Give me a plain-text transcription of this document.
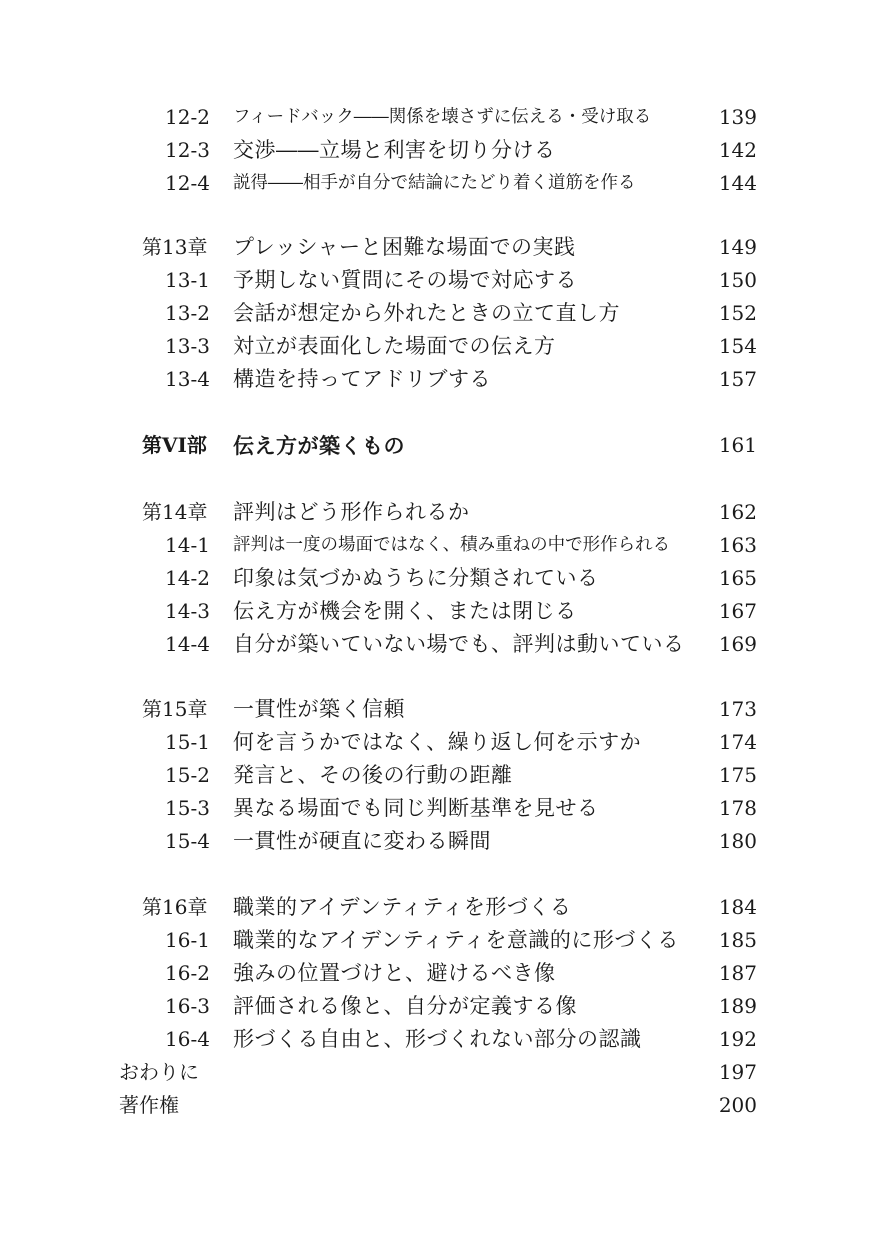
12-2 フィードバック――関係を壊さずに伝える・受け取る	139
12-3 交渉――立場と利害を切り分ける	142
12-4 説得――相手が自分で結論にたどり着く道筋を作る	144
第13章 プレッシャーと困難な場面での実践	149
13-1 予期しない質問にその場で対応する	150
13-2 会話が想定から外れたときの立て直し方	152
13-3 対立が表面化した場面での伝え方	154
13-4 構造を持ってアドリブする	157
第VI部 伝え方が築くもの	161
第14章 評判はどう形作られるか	162
14-1 評判は一度の場面ではなく、積み重ねの中で形作られる 163
14-2 印象は気づかぬうちに分類されている	165
14-3 伝え方が機会を開く、または閉じる	167
14-4 自分が築いていない場でも、評判は動いている 169
第15章 一貫性が築く信頼	173
15-1 何を言うかではなく、繰り返し何を示すか	174
15-2 発言と、その後の行動の距離	175
15-3 異なる場面でも同じ判断基準を見せる	178
15-4 一貫性が硬直に変わる瞬間	180
第16章 職業的アイデンティティを形づくる	184
16-1 職業的なアイデンティティを意識的に形づくる 185
16-2 強みの位置づけと、避けるべき像	187
16-3 評価される像と、自分が定義する像	189
16-4 形づくる自由と、形づくれない部分の認識	192
おわりに	197
著作権	200
